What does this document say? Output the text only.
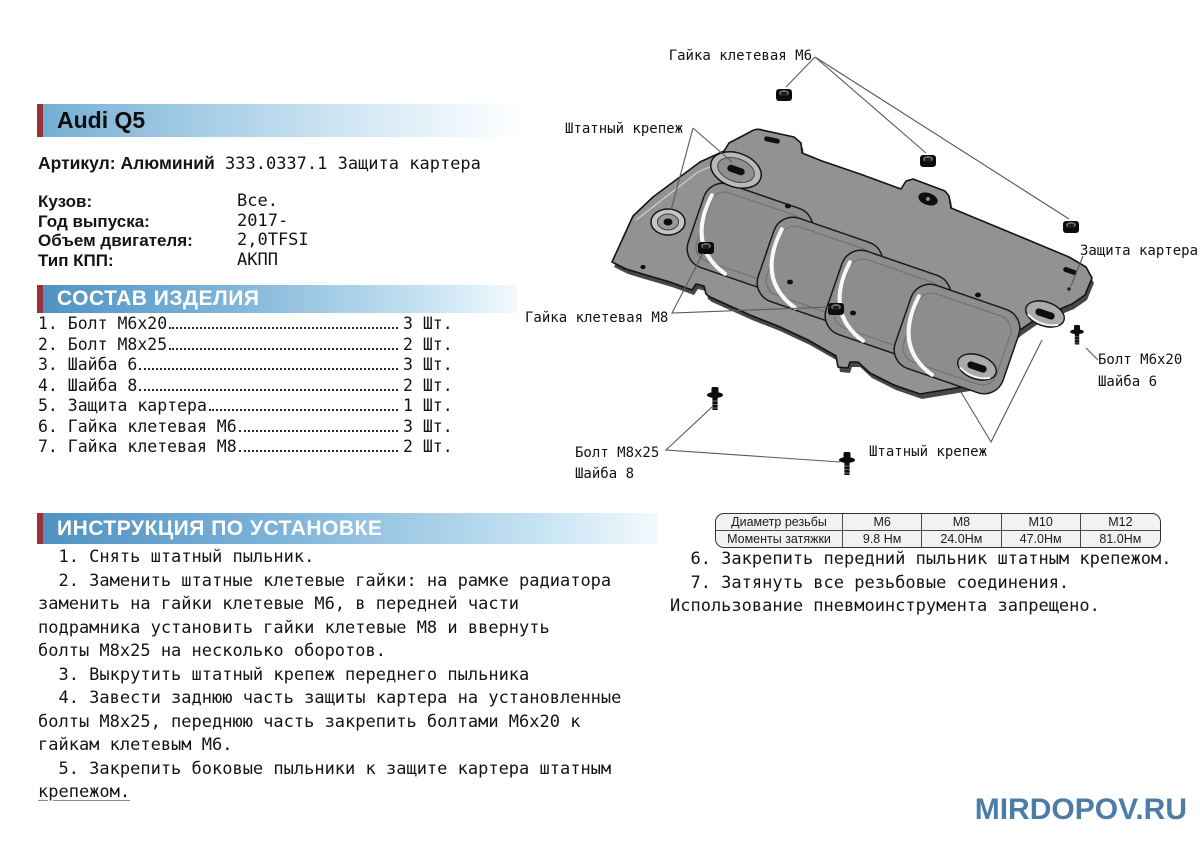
Audi Q5
Артикул: Алюминий 333.0337.1 Защита картера
Кузов:	Все.
Год выпуска:	2017-
Объем двигателя:	2,0TFSI
Тип КПП:	АКПП
СОСТАВ ИЗДЕЛИЯ
1. Болт М6х20	3 Шт.
2. Болт М8х25	2 Шт.
3. Шайба 6	3 Шт.
4. Шайба 8	2 Шт.
5. Защита картера	1 Шт.
6. Гайка клетевая М6	3 Шт.
7. Гайка клетевая М8	2 Шт.
ИНСТРУКЦИЯ ПО УСТАНОВКЕ
1. Снять штатный пыльник.
2. Заменить штатные клетевые гайки: на рамке радиатора
заменить на гайки клетевые М6, в передней части
подрамника установить гайки клетевые М8 и ввернуть
болты М8х25 на несколько оборотов.
3. Выкрутить штатный крепеж переднего пыльника
4. Завести заднюю часть защиты картера на установленные
болты М8х25, переднюю часть закрепить болтами М6х20 к
гайкам клетевым М6.
5. Закрепить боковые пыльники к защите картера штатным
крепежом.
Диаметр резьбы	М6	М8	М10	М12
Моменты затяжки	9.8 Нм	24.0Нм	47.0Нм	81.0Нм
6. Закрепить передний пыльник штатным крепежом.
7. Затянуть все резьбовые соединения.
Использование пневмоинструмента запрещено.
MIRDOPOV.RU
Гайка клетевая М6
Штатный крепеж
Защита картера
Гайка клетевая М8
Болт М6х20
Шайба 6
Болт М8х25
Шайба 8
Штатный крепеж
